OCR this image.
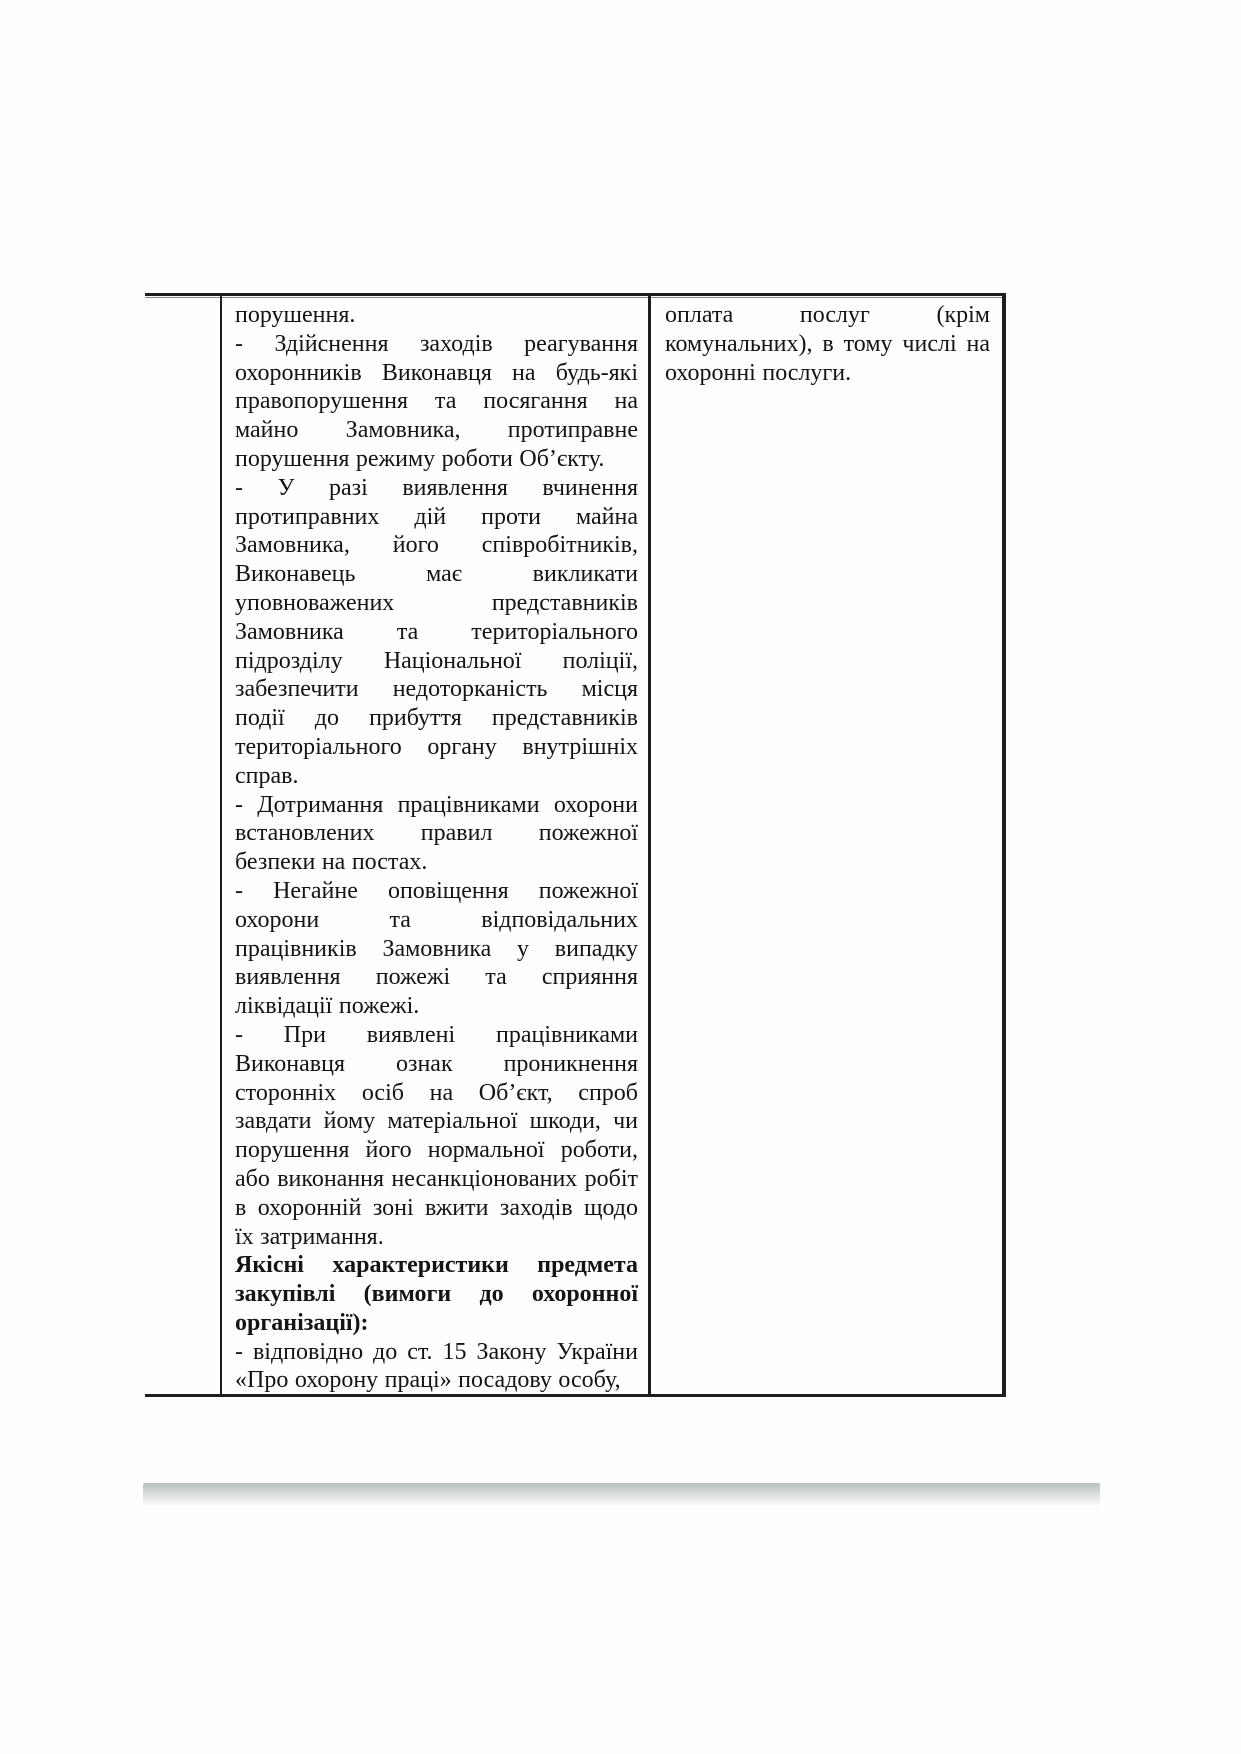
порушення.

- Здійснення заходів реагування охоронників Виконавця на будь-які правопорушення та посягання на майно Замовника, протиправне порушення режиму роботи Об’єкту.

- У разі виявлення вчинення протиправних дій проти майна Замовника, його співробітників, Виконавець має викликати уповноважених представників Замовника та територіального підрозділу Національної поліції, забезпечити недоторканість місця події до прибуття представників територіального органу внутрішніх справ.

- Дотримання працівниками охорони встановлених правил пожежної безпеки на постах.

- Негайне оповіщення пожежної охорони та відповідальних працівників Замовника у випадку виявлення пожежі та сприяння ліквідації пожежі.

- При виявлені працівниками Виконавця ознак проникнення сторонніх осіб на Об’єкт, спроб завдати йому матеріальної шкоди, чи порушення його нормальної роботи, або виконання несанкціонованих робіт в охоронній зоні вжити заходів щодо їх затримання.

Якісні характеристики предмета закупівлі (вимоги до охоронної організації):

- відповідно до ст. 15 Закону України «Про охорону праці» посадову особу,

оплата послуг (крім комунальних), в тому числі на охоронні послуги.
